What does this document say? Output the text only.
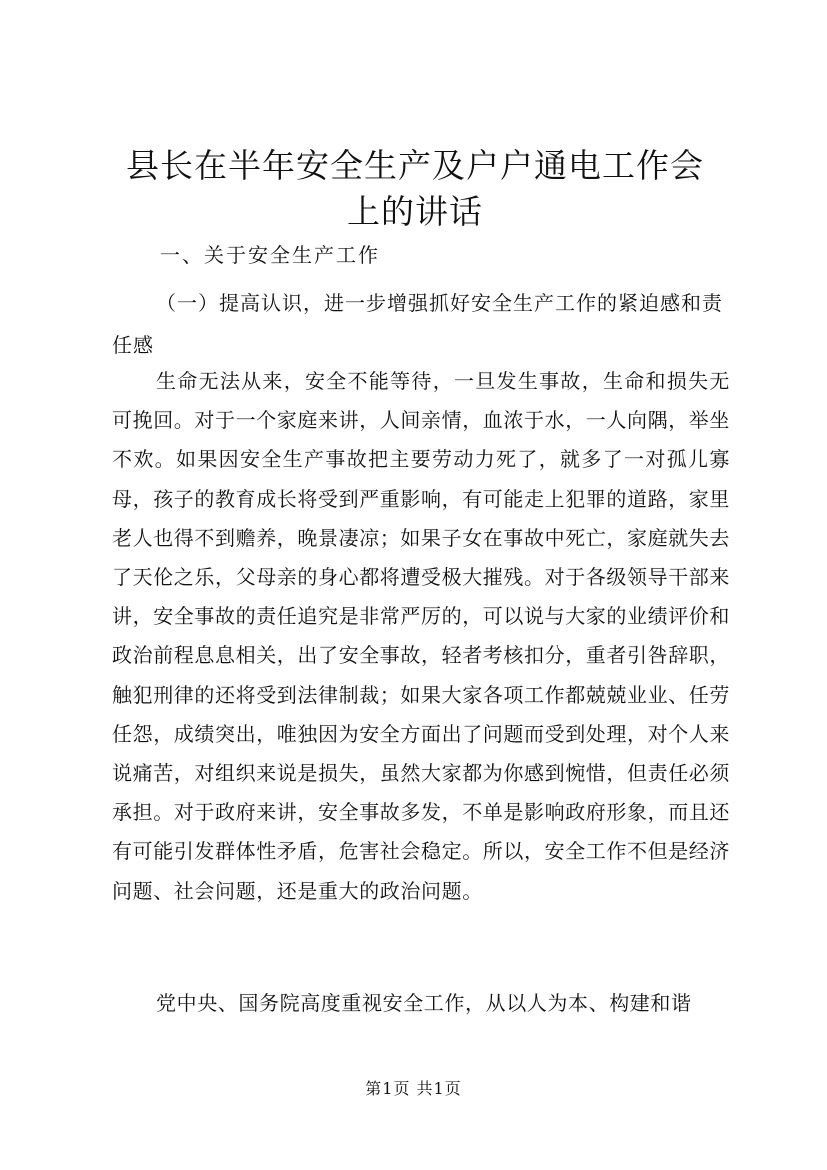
县长在半年安全生产及户户通电工作会上的讲话
一、关于安全生产工作
（一）提高认识，进一步增强抓好安全生产工作的紧迫感和责任感
生命无法从来，安全不能等待，一旦发生事故，生命和损失无可挽回。对于一个家庭来讲，人间亲情，血浓于水，一人向隅，举坐不欢。如果因安全生产事故把主要劳动力死了，就多了一对孤儿寡母，孩子的教育成长将受到严重影响，有可能走上犯罪的道路，家里老人也得不到赡养，晚景凄凉；如果子女在事故中死亡，家庭就失去了天伦之乐，父母亲的身心都将遭受极大摧残。对于各级领导干部来讲，安全事故的责任追究是非常严厉的，可以说与大家的业绩评价和政治前程息息相关，出了安全事故，轻者考核扣分，重者引咎辞职，触犯刑律的还将受到法律制裁；如果大家各项工作都兢兢业业、任劳任怨，成绩突出，唯独因为安全方面出了问题而受到处理，对个人来说痛苦，对组织来说是损失，虽然大家都为你感到惋惜，但责任必须承担。对于政府来讲，安全事故多发，不单是影响政府形象，而且还有可能引发群体性矛盾，危害社会稳定。所以，安全工作不但是经济问题、社会问题，还是重大的政治问题。
党中央、国务院高度重视安全工作，从以人为本、构建和谐
第1页 共1页
